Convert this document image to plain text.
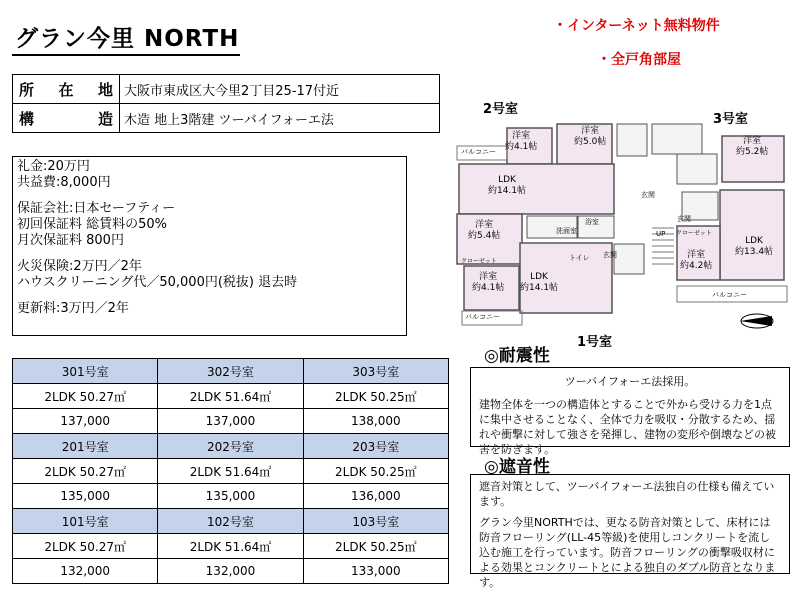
グラン今里 NORTH	・インターネット無料物件
・全戸角部屋
所 在 地	大阪市東成区大今里2丁目25-17付近

構 造	木造 地上3階建 ツーバイフォーエ法

礼金:20万円

共益費:8,000円

保証会社:日本セーフティー

初回保証料 総賃料の50%

月次保証料 800円

火災保険:2万円／2年

ハウスクリーニング代／50,000円(税抜) 退去時

更新料:3万円／2年

301号室	302号室	303号室
2LDK 50.27㎡	2LDK 51.64㎡	2LDK 50.25㎡
137,000	137,000	138,000
201号室	202号室	203号室
2LDK 50.27㎡	2LDK 51.64㎡	2LDK 50.25㎡
135,000	135,000	136,000
101号室	102号室	103号室
2LDK 50.27㎡	2LDK 51.64㎡	2LDK 50.25㎡
132,000	132,000	133,000
2号室
3号室
1号室
洋室
約4.1帖
洋室
約5.0帖
LDK
約14.1帖
洋室
約5.4帖
洋室
約4.1帖
LDK
約14.1帖
洋室
約5.2帖
LDK
約13.4帖
洋室
約4.2帖
バルコニー
バルコニー
バルコニー
玄関
玄関
玄関
浴室
洗面室
トイレ
UP
クローゼット
クローゼット
◎耐震性

ツーバイフォーエ法採用。

建物全体を一つの構造体とすることで外から受ける力を1点に集中させることなく、全体で力を吸収・分散するため、揺れや衝撃に対して強さを発揮し、建物の変形や倒壊などの被害を防ぎます。

◎遮音性

遮音対策として、ツーバイフォーエ法独自の仕様も備えています。

グラン今里NORTHでは、更なる防音対策として、床材には防音フローリング(LL-45等級)を使用しコンクリートを流し込む施工を行っています。防音フローリングの衝撃吸収材による効果とコンクリートとによる独自のダブル防音となります。
